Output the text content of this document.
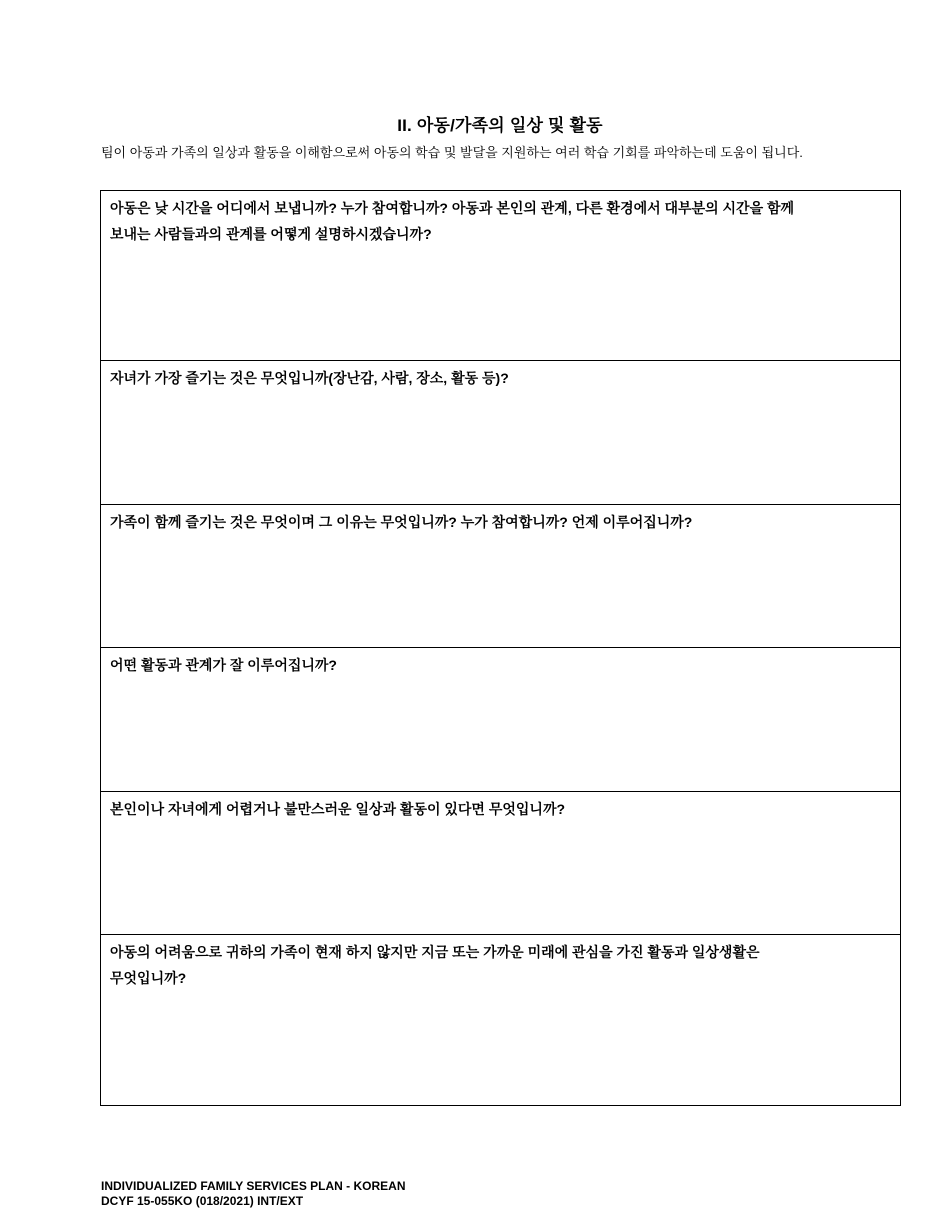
II. 아동/가족의 일상 및 활동
팀이 아동과 가족의 일상과 활동을 이해함으로써 아동의 학습 및 발달을 지원하는 여러 학습 기회를 파악하는데 도움이 됩니다.
아동은 낮 시간을 어디에서 보냅니까? 누가 참여합니까? 아동과 본인의 관계, 다른 환경에서 대부분의 시간을 함께
보내는 사람들과의 관계를 어떻게 설명하시겠습니까?
자녀가 가장 즐기는 것은 무엇입니까(장난감, 사람, 장소, 활동 등)?
가족이 함께 즐기는 것은 무엇이며 그 이유는 무엇입니까? 누가 참여합니까? 언제 이루어집니까?
어떤 활동과 관계가 잘 이루어집니까?
본인이나 자녀에게 어렵거나 불만스러운 일상과 활동이 있다면 무엇입니까?
아동의 어려움으로 귀하의 가족이 현재 하지 않지만 지금 또는 가까운 미래에 관심을 가진 활동과 일상생활은
무엇입니까?
INDIVIDUALIZED FAMILY SERVICES PLAN - KOREAN
DCYF 15-055KO (018/2021) INT/EXT
